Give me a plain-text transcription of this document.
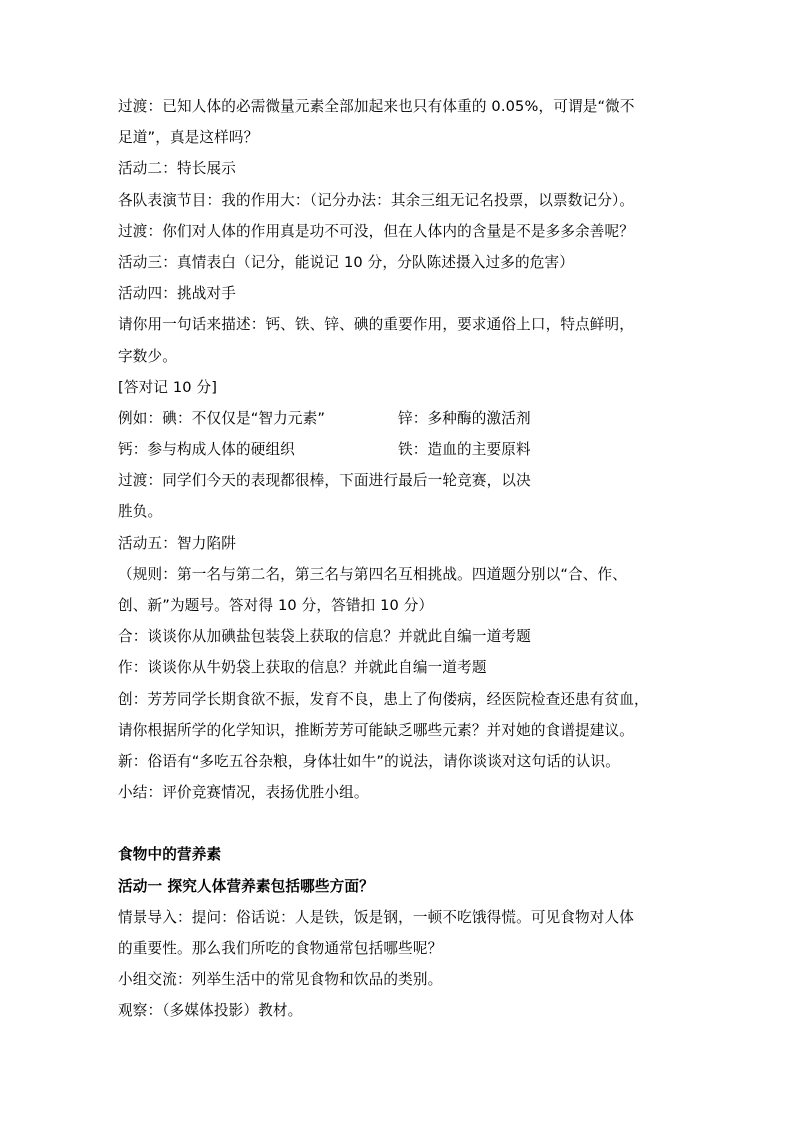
过渡：已知人体的必需微量元素全部加起来也只有体重的 0.05%，可谓是“微不
足道”，真是这样吗？
活动二：特长展示
各队表演节目：我的作用大：（记分办法：其余三组无记名投票，以票数记分）。
过渡：你们对人体的作用真是功不可没，但在人体内的含量是不是多多余善呢？
活动三：真情表白（记分，能说记 10 分，分队陈述摄入过多的危害）
活动四：挑战对手
请你用一句话来描述：钙、铁、锌、碘的重要作用，要求通俗上口，特点鲜明，
字数少。
[答对记 10 分]
例如：碘：不仅仅是“智力元素”	锌：多种酶的激活剂
钙：参与构成人体的硬组织	铁：造血的主要原料
过渡：同学们今天的表现都很棒，下面进行最后一轮竞赛，以决
胜负。
活动五：智力陷阱
（规则：第一名与第二名，第三名与第四名互相挑战。四道题分别以“合、作、
创、新”为题号。答对得 10 分，答错扣 10 分）
合：谈谈你从加碘盐包装袋上获取的信息？并就此自编一道考题
作：谈谈你从牛奶袋上获取的信息？并就此自编一道考题
创：芳芳同学长期食欲不振，发育不良，患上了佝偻病，经医院检查还患有贫血，
请你根据所学的化学知识，推断芳芳可能缺乏哪些元素？并对她的食谱提建议。
新：俗语有“多吃五谷杂粮，身体壮如牛”的说法，请你谈谈对这句话的认识。
小结：评价竞赛情况，表扬优胜小组。
食物中的营养素
活动一 探究人体营养素包括哪些方面？
情景导入：提问：俗话说：人是铁，饭是钢，一顿不吃饿得慌。可见食物对人体
的重要性。那么我们所吃的食物通常包括哪些呢？
小组交流：列举生活中的常见食物和饮品的类别。
观察：（多媒体投影）教材。
